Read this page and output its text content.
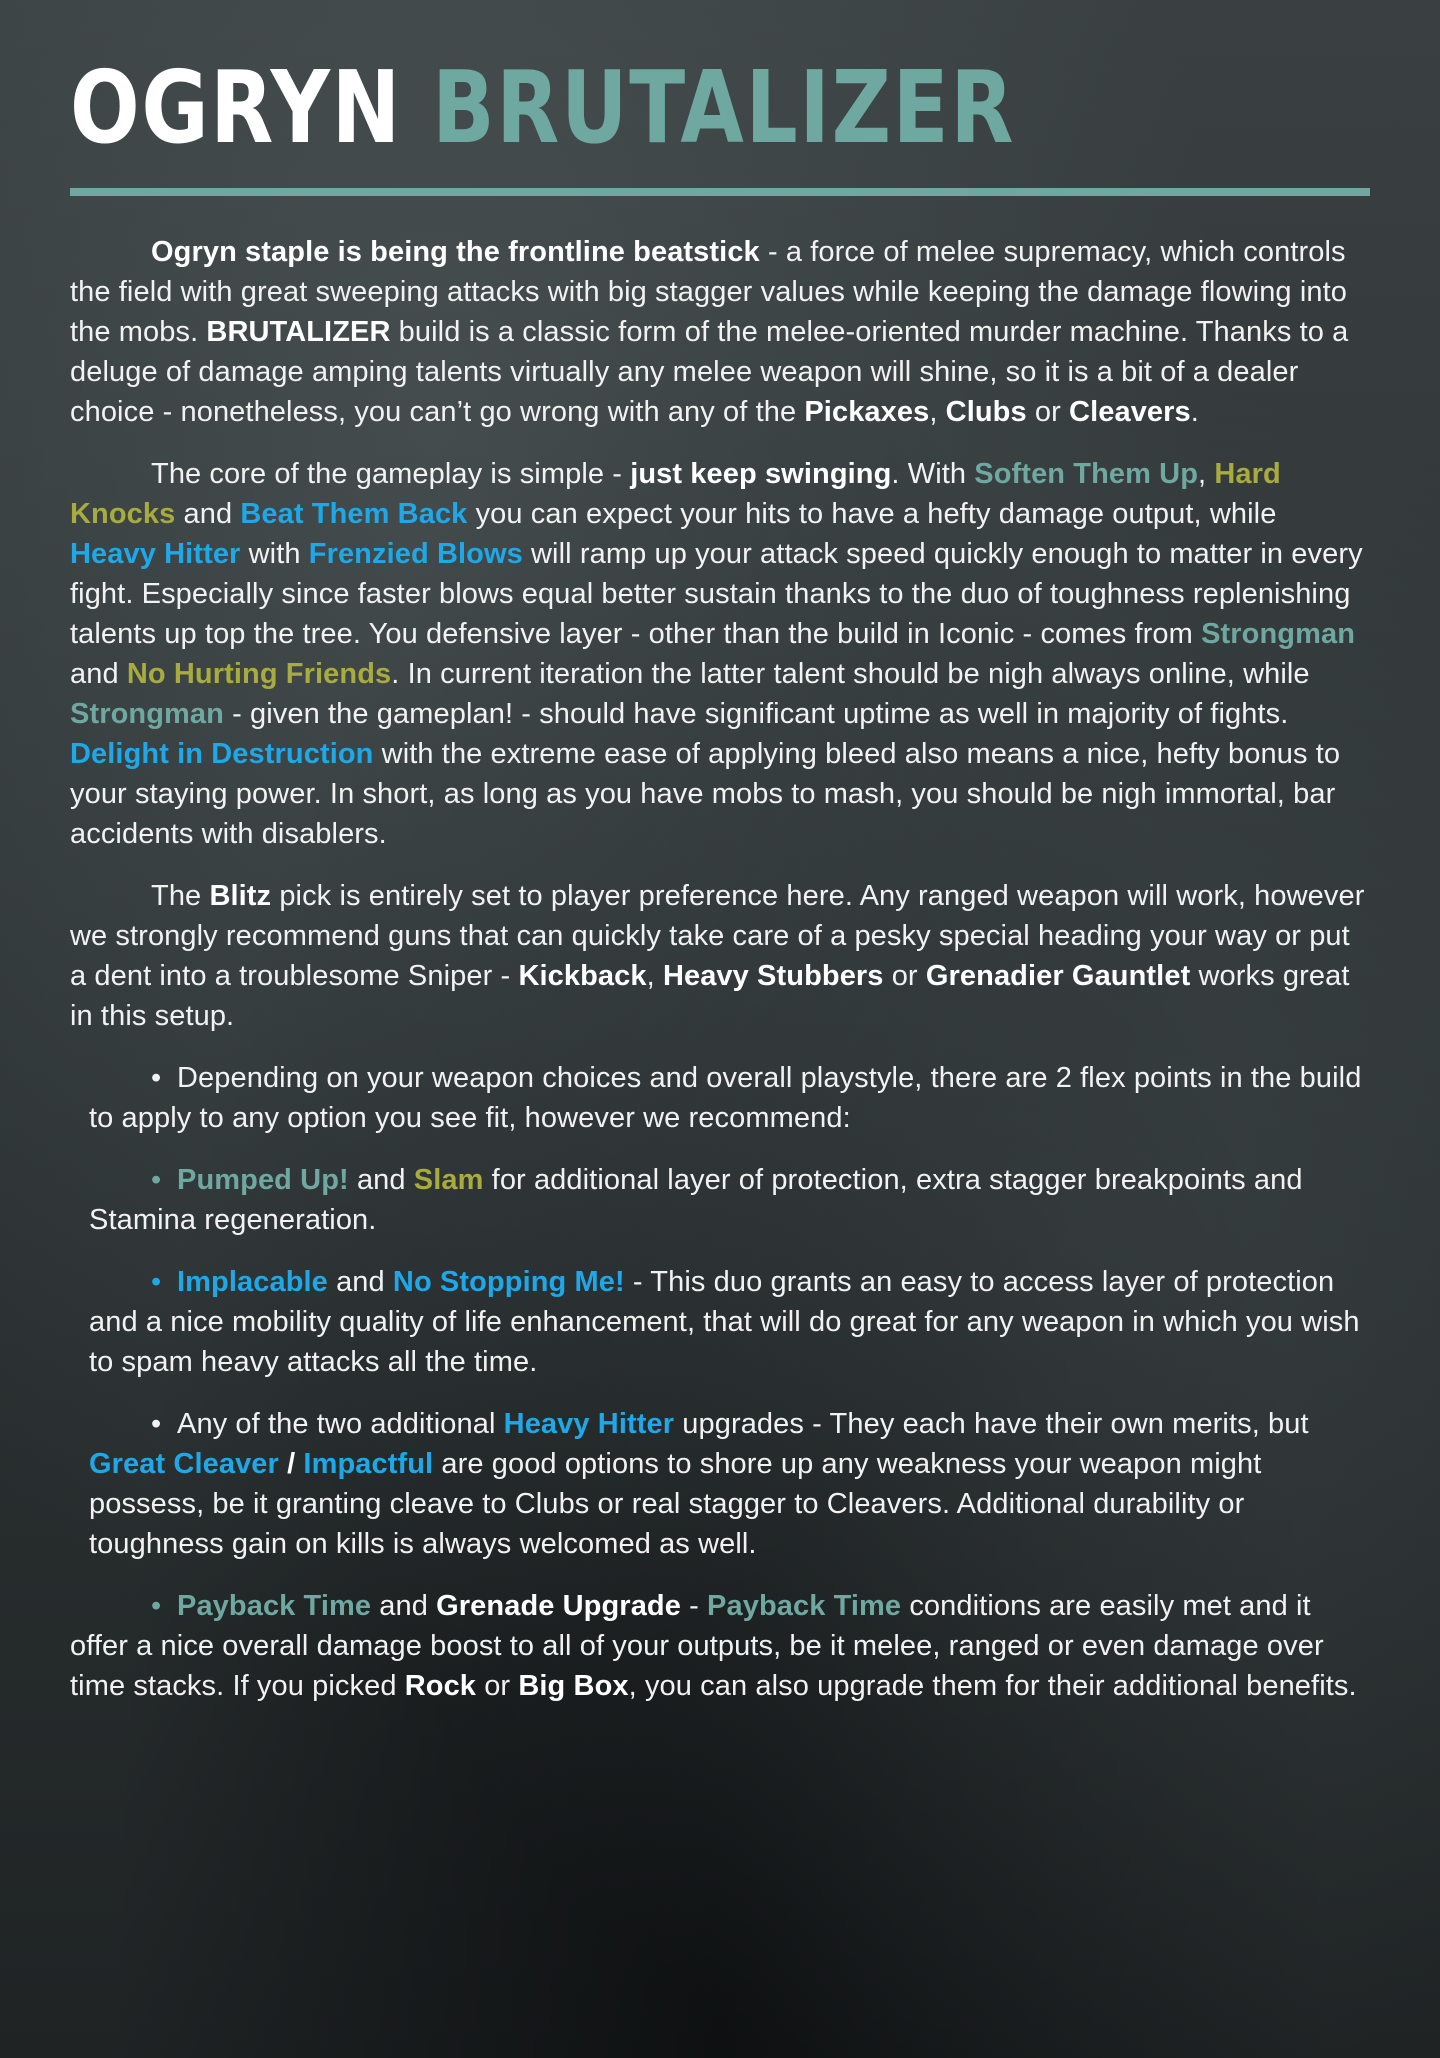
OGRYN BRUTALIZER

Ogryn staple is being the frontline beatstick - a force of melee supremacy, which controls the field with great sweeping attacks with big stagger values while keeping the damage flowing into the mobs. BRUTALIZER build is a classic form of the melee-oriented murder machine. Thanks to a deluge of damage amping talents virtually any melee weapon will shine, so it is a bit of a dealer choice - nonetheless, you can’t go wrong with any of the Pickaxes, Clubs or Cleavers.

The core of the gameplay is simple - just keep swinging. With Soften Them Up, Hard Knocks and Beat Them Back you can expect your hits to have a hefty damage output, while Heavy Hitter with Frenzied Blows will ramp up your attack speed quickly enough to matter in every fight. Especially since faster blows equal better sustain thanks to the duo of toughness replenishing talents up top the tree. You defensive layer - other than the build in Iconic - comes from Strongman and No Hurting Friends. In current iteration the latter talent should be nigh always online, while Strongman - given the gameplan! - should have significant uptime as well in majority of fights. Delight in Destruction with the extreme ease of applying bleed also means a nice, hefty bonus to your staying power. In short, as long as you have mobs to mash, you should be nigh immortal, bar accidents with disablers.

The Blitz pick is entirely set to player preference here. Any ranged weapon will work, however we strongly recommend guns that can quickly take care of a pesky special heading your way or put a dent into a troublesome Sniper - Kickback, Heavy Stubbers or Grenadier Gauntlet works great in this setup.

• Depending on your weapon choices and overall playstyle, there are 2 flex points in the build to apply to any option you see fit, however we recommend:

• Pumped Up! and Slam for additional layer of protection, extra stagger breakpoints and Stamina regeneration.

• Implacable and No Stopping Me! - This duo grants an easy to access layer of protection and a nice mobility quality of life enhancement, that will do great for any weapon in which you wish to spam heavy attacks all the time.

• Any of the two additional Heavy Hitter upgrades - They each have their own merits, but Great Cleaver / Impactful are good options to shore up any weakness your weapon might possess, be it granting cleave to Clubs or real stagger to Cleavers. Additional durability or toughness gain on kills is always welcomed as well.

• Payback Time and Grenade Upgrade - Payback Time conditions are easily met and it offer a nice overall damage boost to all of your outputs, be it melee, ranged or even damage over time stacks. If you picked Rock or Big Box, you can also upgrade them for their additional benefits.
